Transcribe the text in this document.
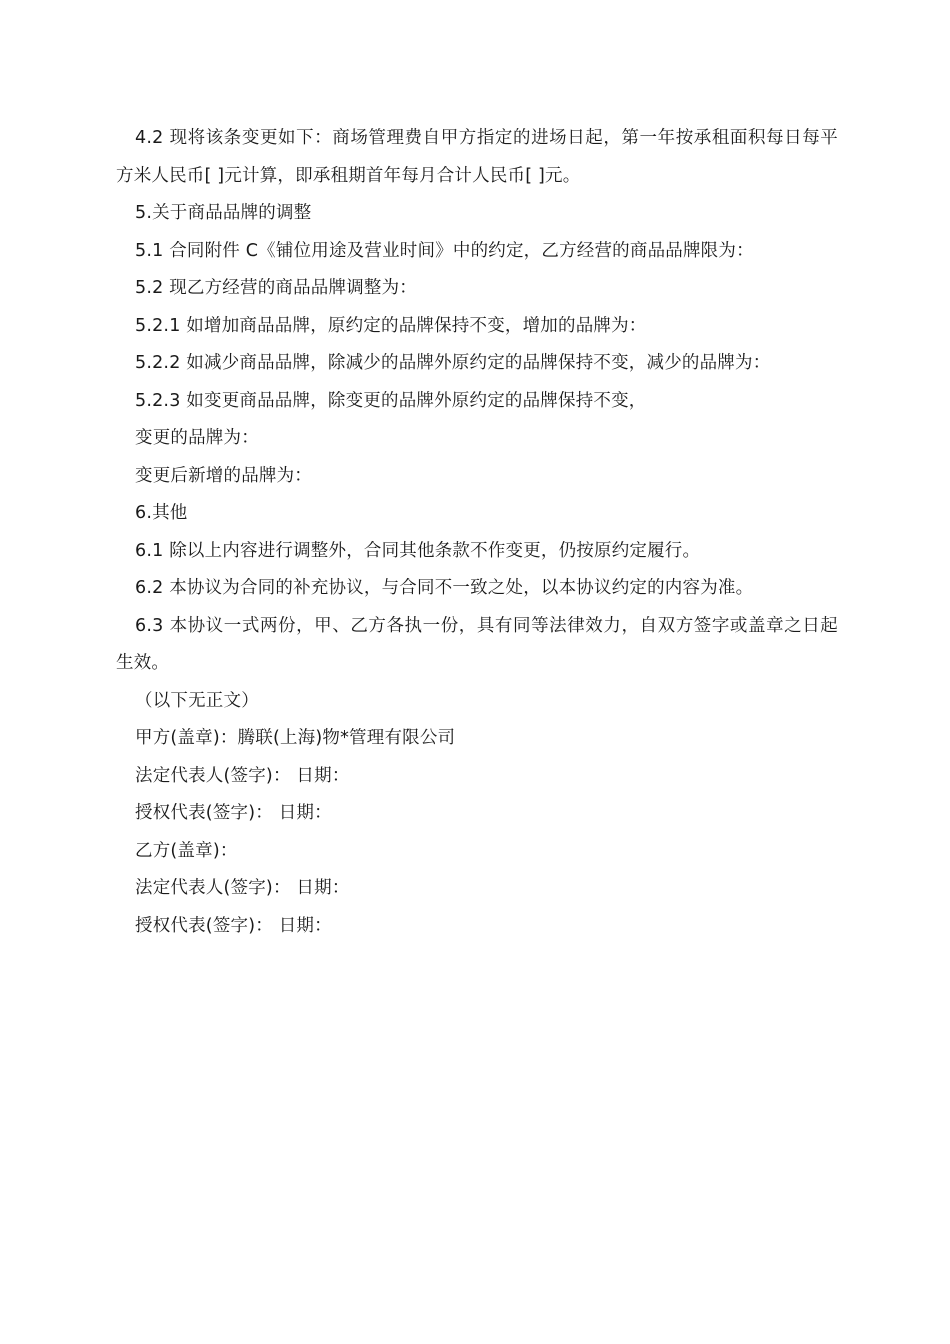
4.2 现将该条变更如下：商场管理费自甲方指定的进场日起，第一年按承租面积每日每平方米人民币[ ]元计算，即承租期首年每月合计人民币[ ]元。

5.关于商品品牌的调整

5.1 合同附件 C《铺位用途及营业时间》中的约定，乙方经营的商品品牌限为：

5.2 现乙方经营的商品品牌调整为：

5.2.1 如增加商品品牌，原约定的品牌保持不变，增加的品牌为：

5.2.2 如减少商品品牌，除减少的品牌外原约定的品牌保持不变，减少的品牌为：

5.2.3 如变更商品品牌，除变更的品牌外原约定的品牌保持不变，

变更的品牌为：

变更后新增的品牌为：

6.其他

6.1 除以上内容进行调整外，合同其他条款不作变更，仍按原约定履行。

6.2 本协议为合同的补充协议，与合同不一致之处，以本协议约定的内容为准。

6.3 本协议一式两份，甲、乙方各执一份，具有同等法律效力，自双方签字或盖章之日起生效。

（以下无正文）

甲方(盖章)：腾联(上海)物*管理有限公司

法定代表人(签字)： 日期：

授权代表(签字)： 日期：

乙方(盖章)：

法定代表人(签字)： 日期：

授权代表(签字)： 日期：
